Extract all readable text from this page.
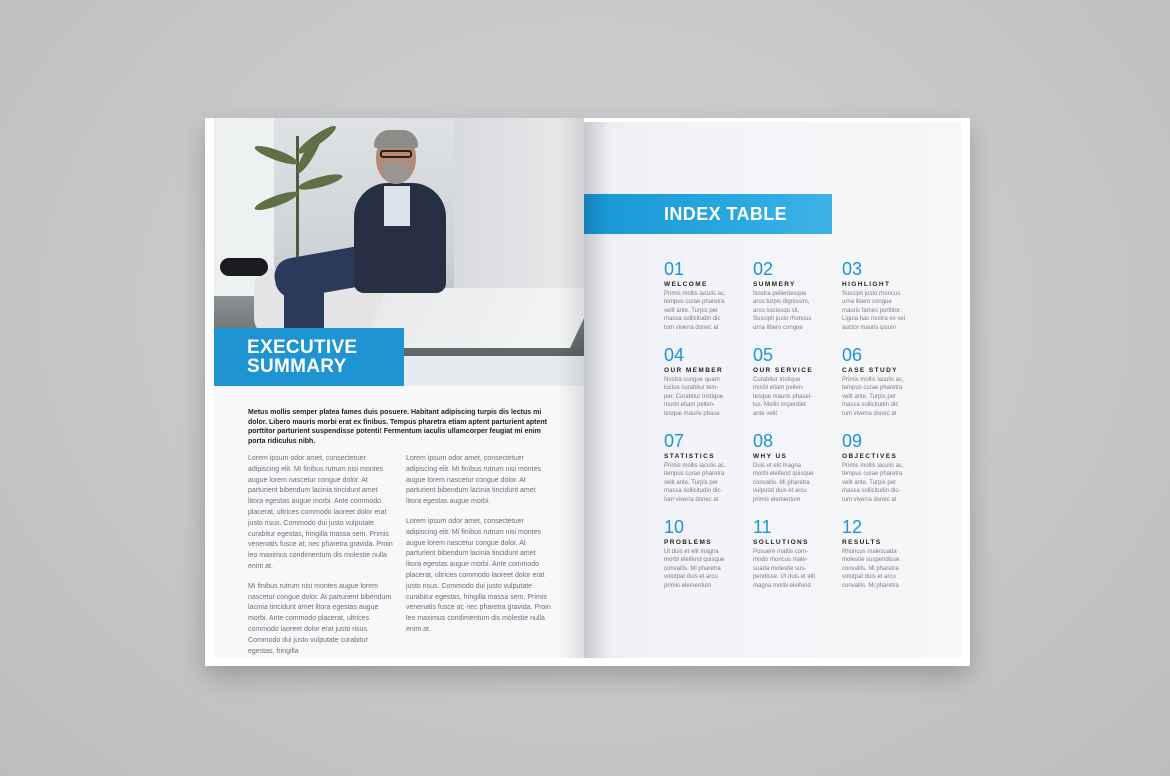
EXECUTIVE
SUMMARY
Metus mollis semper platea fames duis posuere. Habitant adipiscing turpis dis lectus mi dolor. Libero mauris morbi erat ex finibus. Tempus pharetra etiam aptent parturient aptent porttitor parturient suspendisse potenti! Fermentum iaculis ullamcorper feugiat mi enim porta ridiculus nibh.

Lorem ipsum odor amet, consectetuer adipiscing elit. Mi finibus rutrum nisi montes augue lorem nascetur congue dolor. At parturient bibendum lacinia tincidunt amet litora egestas augue morbi. Ante commodo placerat, ultrices commodo laoreet dolor erat justo risus. Commodo dui justo vulputate curabitur egestas, fringilla massa sem. Primis venenatis fusce at; nec pharetra gravida. Proin leo maximus condimentum dis molestie nulla enim at.

Mi finibus rutrum nisi montes augue lorem nascetur congue dolor. At parturient bibendum lacinia tincidunt amet litora egestas augue morbi. Ante commodo placerat, ultrices commodo laoreet dolor erat justo risus. Commodo dui justo vulputate curabitur egestas, fringilla

Lorem ipsum odor amet, consectetuer adipiscing elit. Mi finibus rutrum nisi montes augue lorem nascetur congue dolor. At parturient bibendum lacinia tincidunt amet litora egestas augue morbi.

Lorem ipsum odor amet, consectetuer adipiscing elit. Mi finibus rutrum nisi montes augue lorem nascetur congue dolor. At parturient bibendum lacinia tincidunt amet litora egestas augue morbi. Ante commodo placerat, ultrices commodo laoreet dolor erat justo risus. Commodo dui justo vulputate curabitur egestas, fringilla massa sem. Primis venenatis fusce at; nec pharetra gravida. Proin leo maximus condimentum dis molestie nulla enim at.

INDEX TABLE
01
WELCOME
Primis mollis iaculis ac,
tempus curae pharetra
velit ante. Turpis per
massa sollicitudin dic
tum viverra donec at
02
SUMMERY
Nostra pellentesque
arcu turpis dignissim,
arcu sociosqu sit.
Suscipit justo rhoncus
urna libero congue
03
HIGHLIGHT
Suscipit justo rhoncus
urna libero congue
mauris fames porttitor.
Ligula hac nostra ex vel
auctor mauris ipsum
04
OUR MEMBER
Nostra congue quam
luctus curabitur tem-
per. Curabitur tristique
morbi etiam pellen-
tesque mauris phase
05
OUR SERVICE
Curabitur tristique
morbi etiam pellen-
tesque mauris phasel-
lus. Mollis imperdiet
ante velit
06
CASE STUDY
Primis mollis iaculis ac,
tempus curae pharetra
velit ante. Turpis per
massa sollicitudin dic
tum viverra donec at
07
STATISTICS
Primis mollis iaculis ac,
tempus curae pharetra
velit ante. Turpis per
massa sollicitudin dic-
tum viverra donec at
08
WHY US
Duis et elit magna
morbi eleifend quisque
convallis. Mi pharetra
vulputat duis et arcu
primis elementum
09
OBJECTIVES
Primis mollis iaculis ac,
tempus curae pharetra
velit ante. Turpis per
massa sollicitudin dic-
tum viverra donec at
10
PROBLEMS
Ut duis et elit magna
morbi eleifend quisque
convallis. Mi pharetra
volutpat duis et arcu
primis elementum
11
SOLLUTIONS
Posuere mattis com-
modo rhoncus male-
suada molestie sus-
pendisse. Ut duis et elit
magna morbi eleifend
12
RESULTS
Rhoncus malesuada
molestie suspendisse
convallis. Mi pharetra
volutpat duis et arcu
convallis. Mi pharetra
